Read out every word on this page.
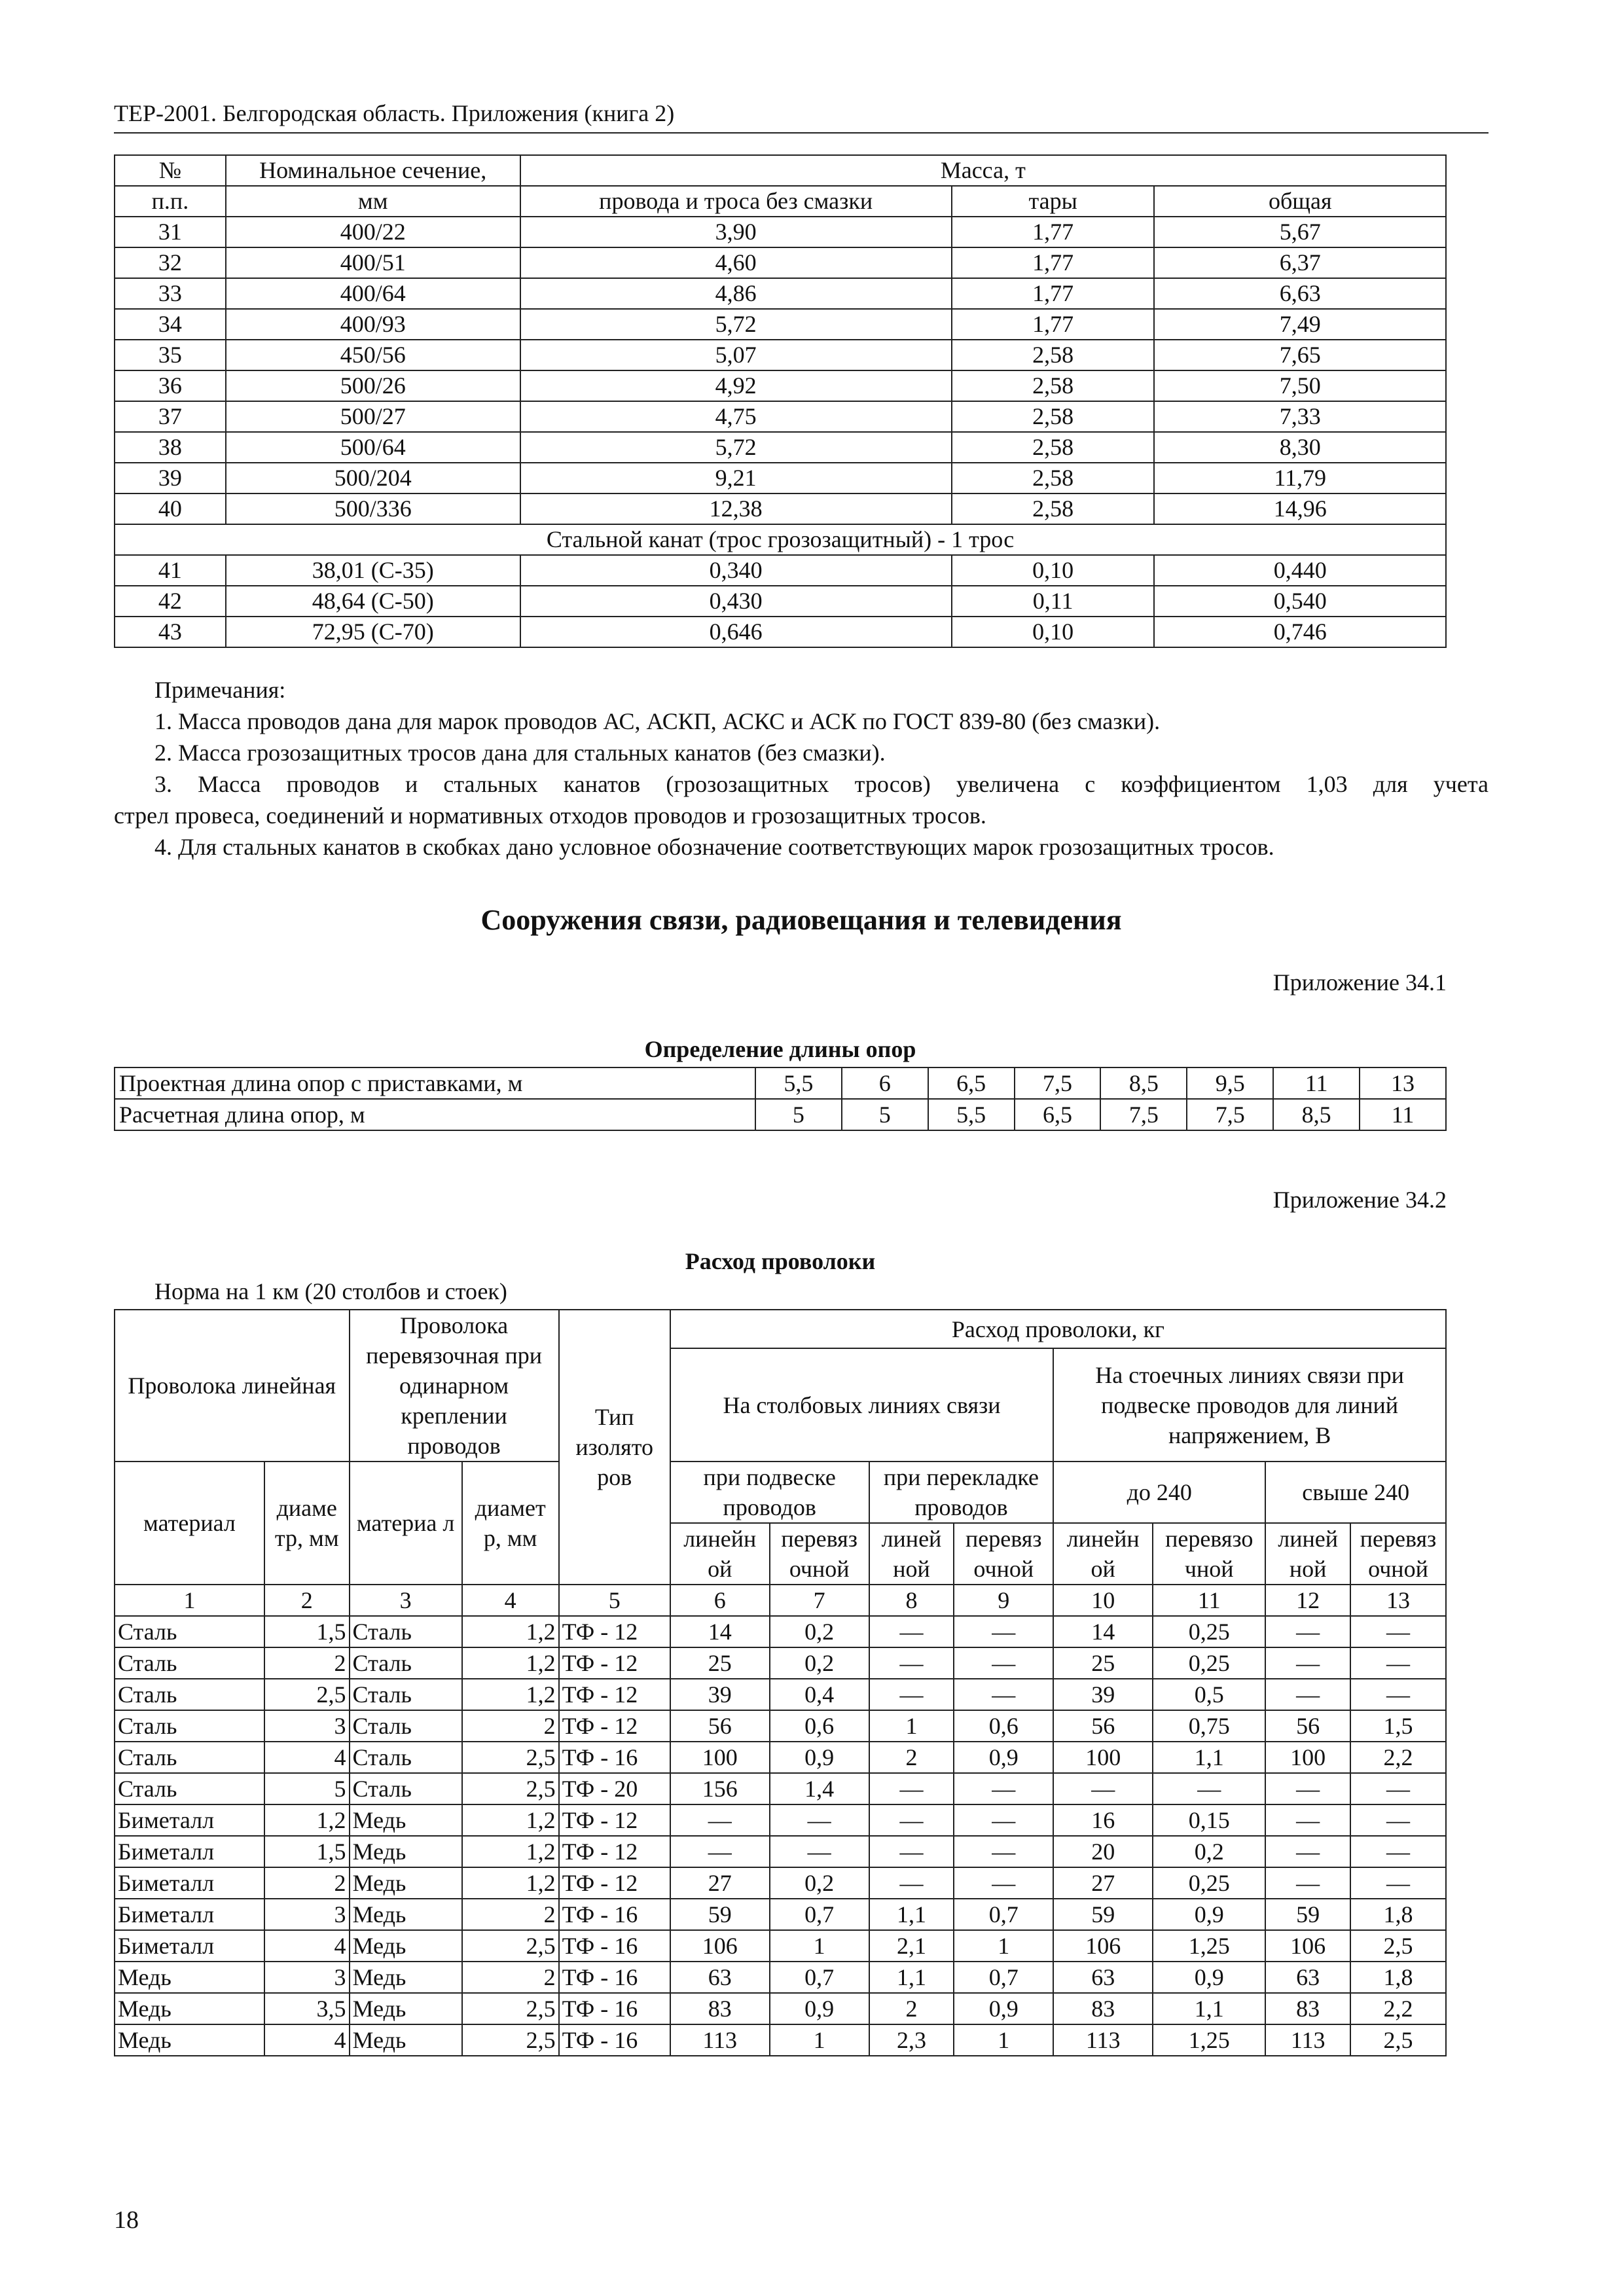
ТЕР-2001. Белгородская область. Приложения (книга 2)
№	Номинальное сечение,	Масса, т		
п.п.	мм	провода и троса без смазки	тары	общая
31	400/22	3,90	1,77	5,67
32	400/51	4,60	1,77	6,37
33	400/64	4,86	1,77	6,63
34	400/93	5,72	1,77	7,49
35	450/56	5,07	2,58	7,65
36	500/26	4,92	2,58	7,50
37	500/27	4,75	2,58	7,33
38	500/64	5,72	2,58	8,30
39	500/204	9,21	2,58	11,79
40	500/336	12,38	2,58	14,96
Стальной канат (трос грозозащитный) - 1 трос				
41	38,01 (С-35)	0,340	0,10	0,440
42	48,64 (С-50)	0,430	0,11	0,540
43	72,95 (С-70)	0,646	0,10	0,746

Примечания:

1. Масса проводов дана для марок проводов АС, АСКП, АСКС и АСК по ГОСТ 839-80 (без смазки).

2. Масса грозозащитных тросов дана для стальных канатов (без смазки).

3. Масса проводов и стальных канатов (грозозащитных тросов) увеличена с коэффициентом 1,03 для учета

стрел провеса, соединений и нормативных отходов проводов и грозозащитных тросов.

4. Для стальных канатов в скобках дано условное обозначение соответствующих марок грозозащитных тросов.

Сооружения связи, радиовещания и телевидения
Приложение 34.1
Определение длины опор
Проектная длина опор с приставками, м	5,5	6	6,5	7,5	8,5	9,5	11	13
Расчетная длина опор, м	5	5	5,5	6,5	7,5	7,5	8,5	11
Приложение 34.2
Расход проволоки
Норма на 1 км (20 столбов и стоек)
Проволока линейная		Проволока перевязочная при одинарном креплении проводов		Тип изолято ров	Расход проволоки, кг							
					На столбовых линиях связи				На стоечных линиях связи при подвеске проводов для линий напряжением, В			
материал	диаме тр, мм	материа л	диамет р, мм		при подвеске проводов		при перекладке проводов		до 240		свыше 240	
					линейн ой	перевяз очной	линей ной	перевяз очной	линейн ой	перевязо чной	линей ной	перевяз очной
1	2	3	4	5	6	7	8	9	10	11	12	13
Сталь	1,5	Сталь	1,2	ТФ - 12	14	0,2	—	—	14	0,25	—	—
Сталь	2	Сталь	1,2	ТФ - 12	25	0,2	—	—	25	0,25	—	—
Сталь	2,5	Сталь	1,2	ТФ - 12	39	0,4	—	—	39	0,5	—	—
Сталь	3	Сталь	2	ТФ - 12	56	0,6	1	0,6	56	0,75	56	1,5
Сталь	4	Сталь	2,5	ТФ - 16	100	0,9	2	0,9	100	1,1	100	2,2
Сталь	5	Сталь	2,5	ТФ - 20	156	1,4	—	—	—	—	—	—
Биметалл	1,2	Медь	1,2	ТФ - 12	—	—	—	—	16	0,15	—	—
Биметалл	1,5	Медь	1,2	ТФ - 12	—	—	—	—	20	0,2	—	—
Биметалл	2	Медь	1,2	ТФ - 12	27	0,2	—	—	27	0,25	—	—
Биметалл	3	Медь	2	ТФ - 16	59	0,7	1,1	0,7	59	0,9	59	1,8
Биметалл	4	Медь	2,5	ТФ - 16	106	1	2,1	1	106	1,25	106	2,5
Медь	3	Медь	2	ТФ - 16	63	0,7	1,1	0,7	63	0,9	63	1,8
Медь	3,5	Медь	2,5	ТФ - 16	83	0,9	2	0,9	83	1,1	83	2,2
Медь	4	Медь	2,5	ТФ - 16	113	1	2,3	1	113	1,25	113	2,5
18
